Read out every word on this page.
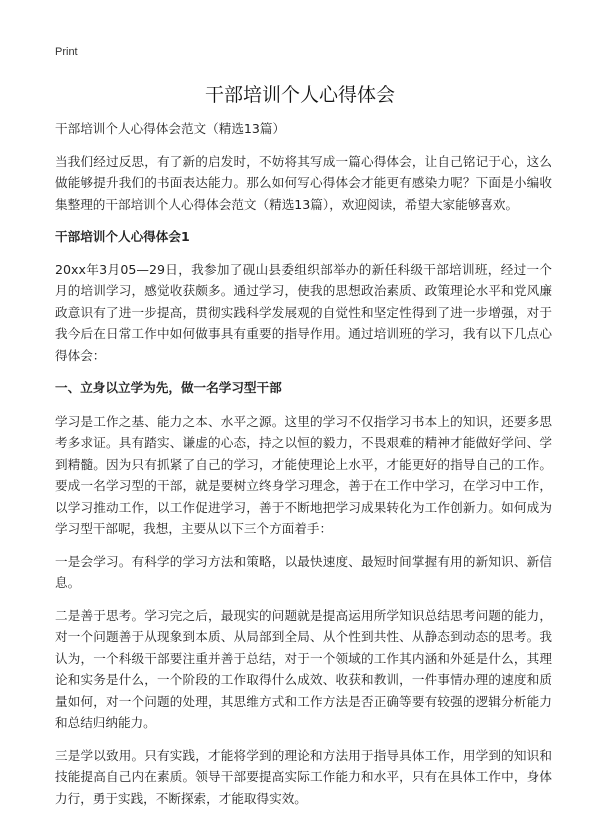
Print
干部培训个人心得体会

干部培训个人心得体会范文（精选13篇）

当我们经过反思，有了新的启发时，不妨将其写成一篇心得体会，让自己铭记于心，这么做能够提升我们的书面表达能力。那么如何写心得体会才能更有感染力呢？下面是小编收集整理的干部培训个人心得体会范文（精选13篇），欢迎阅读，希望大家能够喜欢。

干部培训个人心得体会1

20xx年3月05—29日，我参加了砚山县委组织部举办的新任科级干部培训班，经过一个月的培训学习，感觉收获颇多。通过学习，使我的思想政治素质、政策理论水平和党风廉政意识有了进一步提高，贯彻实践科学发展观的自觉性和坚定性得到了进一步增强，对于我今后在日常工作中如何做事具有重要的指导作用。通过培训班的学习，我有以下几点心得体会：

一、立身以立学为先，做一名学习型干部

学习是工作之基、能力之本、水平之源。这里的学习不仅指学习书本上的知识，还要多思考多求证。具有踏实、谦虚的心态，持之以恒的毅力，不畏艰难的精神才能做好学问、学到精髓。因为只有抓紧了自己的学习，才能使理论上水平，才能更好的指导自己的工作。要成一名学习型的干部，就是要树立终身学习理念，善于在工作中学习，在学习中工作，以学习推动工作，以工作促进学习，善于不断地把学习成果转化为工作创新力。如何成为学习型干部呢，我想，主要从以下三个方面着手：

一是会学习。有科学的学习方法和策略，以最快速度、最短时间掌握有用的新知识、新信息。

二是善于思考。学习完之后，最现实的问题就是提高运用所学知识总结思考问题的能力，对一个问题善于从现象到本质、从局部到全局、从个性到共性、从静态到动态的思考。我认为，一个科级干部要注重并善于总结，对于一个领域的工作其内涵和外延是什么，其理论和实务是什么，一个阶段的工作取得什么成效、收获和教训，一件事情办理的速度和质量如何，对一个问题的处理，其思维方式和工作方法是否正确等要有较强的逻辑分析能力和总结归纳能力。

三是学以致用。只有实践，才能将学到的理论和方法用于指导具体工作，用学到的知识和技能提高自己内在素质。领导干部要提高实际工作能力和水平，只有在具体工作中，身体力行，勇于实践，不断探索，才能取得实效。
